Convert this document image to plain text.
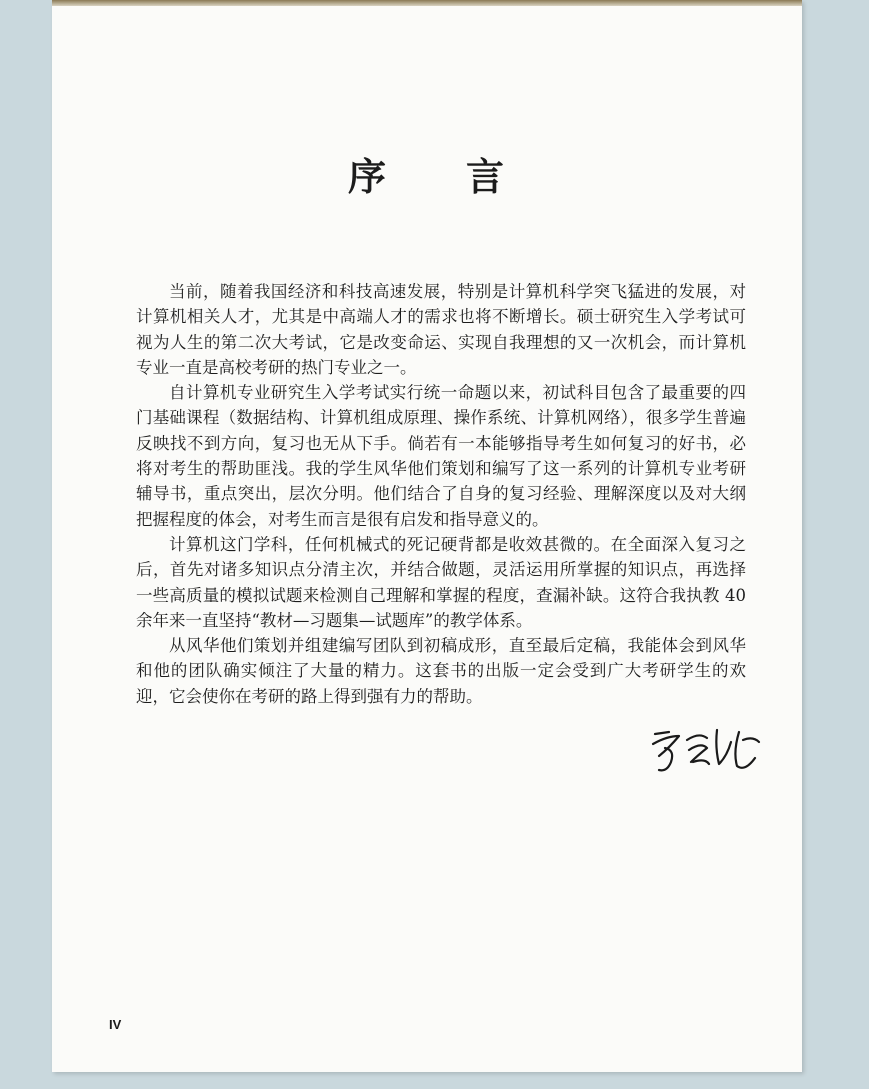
序 言

当前，随着我国经济和科技高速发展，特别是计算机科学突飞猛进的发展，对计算机相关人才，尤其是中高端人才的需求也将不断增长。硕士研究生入学考试可视为人生的第二次大考试，它是改变命运、实现自我理想的又一次机会，而计算机专业一直是高校考研的热门专业之一。

自计算机专业研究生入学考试实行统一命题以来，初试科目包含了最重要的四门基础课程（数据结构、计算机组成原理、操作系统、计算机网络），很多学生普遍反映找不到方向，复习也无从下手。倘若有一本能够指导考生如何复习的好书，必将对考生的帮助匪浅。我的学生风华他们策划和编写了这一系列的计算机专业考研辅导书，重点突出，层次分明。他们结合了自身的复习经验、理解深度以及对大纲把握程度的体会，对考生而言是很有启发和指导意义的。

计算机这门学科，任何机械式的死记硬背都是收效甚微的。在全面深入复习之后，首先对诸多知识点分清主次，并结合做题，灵活运用所掌握的知识点，再选择一些高质量的模拟试题来检测自己理解和掌握的程度，查漏补缺。这符合我执教 40 余年来一直坚持“教材—习题集—试题库”的教学体系。

从风华他们策划并组建编写团队到初稿成形，直至最后定稿，我能体会到风华和他的团队确实倾注了大量的精力。这套书的出版一定会受到广大考研学生的欢迎，它会使你在考研的路上得到强有力的帮助。

IV
